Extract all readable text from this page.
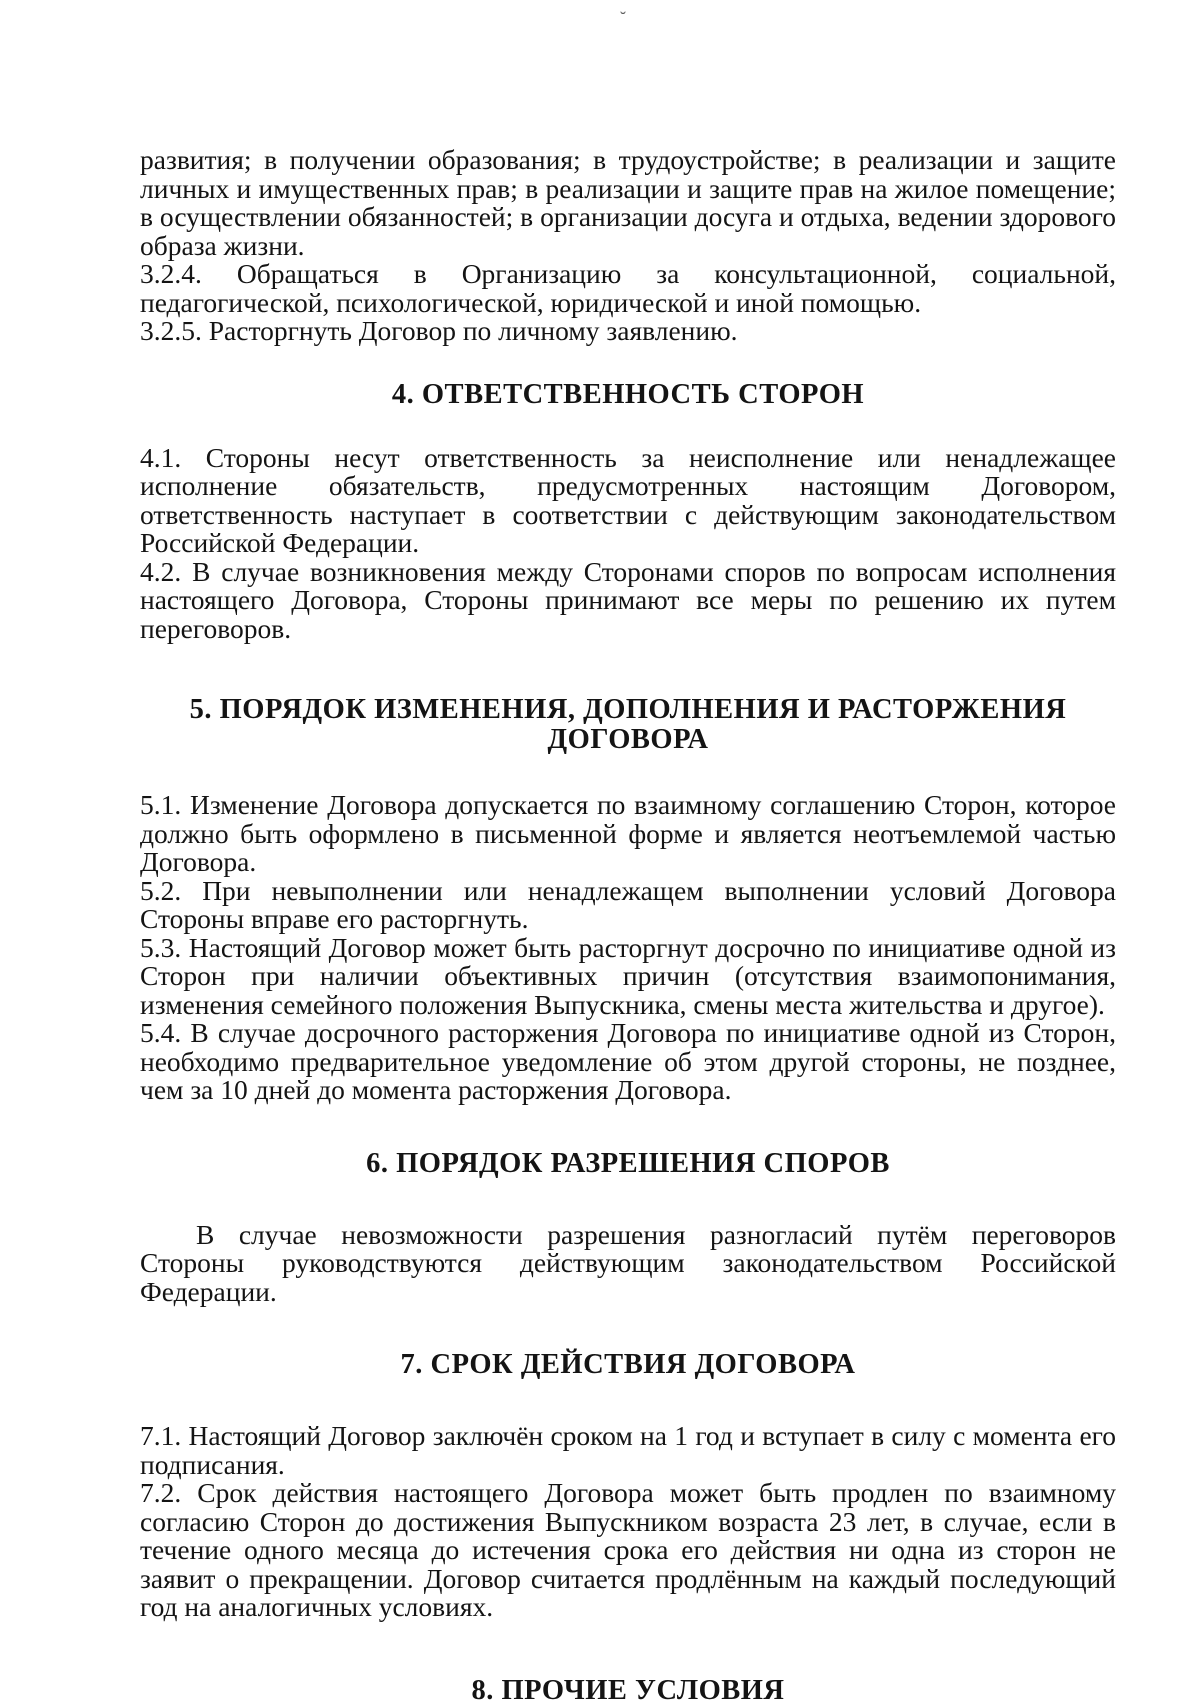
˘

развития; в получении образования; в трудоустройстве; в реализации и защите личных и имущественных прав; в реализации и защите прав на жилое помещение; в осуществлении обязанностей; в организации досуга и отдыха, ведении здорового образа жизни.

3.2.4. Обращаться в Организацию за консультационной, социальной, педагогической, психологической, юридической и иной помощью.

3.2.5. Расторгнуть Договор по личному заявлению.

4. ОТВЕТСТВЕННОСТЬ СТОРОН

4.1. Стороны несут ответственность за неисполнение или ненадлежащее исполнение обязательств, предусмотренных настоящим Договором, ответственность наступает в соответствии с действующим законодательством Российской Федерации.

4.2. В случае возникновения между Сторонами споров по вопросам исполнения настоящего Договора, Стороны принимают все меры по решению их путем переговоров.

5. ПОРЯДОК ИЗМЕНЕНИЯ, ДОПОЛНЕНИЯ И РАСТОРЖЕНИЯ ДОГОВОРА

5.1. Изменение Договора допускается по взаимному соглашению Сторон, которое должно быть оформлено в письменной форме и является неотъемлемой частью Договора.

5.2. При невыполнении или ненадлежащем выполнении условий Договора Стороны вправе его расторгнуть.

5.3. Настоящий Договор может быть расторгнут досрочно по инициативе одной из Сторон при наличии объективных причин (отсутствия взаимопонимания, изменения семейного положения Выпускника, смены места жительства и другое).

5.4. В случае досрочного расторжения Договора по инициативе одной из Сторон, необходимо предварительное уведомление об этом другой стороны, не позднее, чем за 10 дней до момента расторжения Договора.

6. ПОРЯДОК РАЗРЕШЕНИЯ СПОРОВ

В случае невозможности разрешения разногласий путём переговоров Стороны руководствуются действующим законодательством Российской Федерации.

7. СРОК ДЕЙСТВИЯ ДОГОВОРА

7.1. Настоящий Договор заключён сроком на 1 год и вступает в силу с момента его подписания.

7.2. Срок действия настоящего Договора может быть продлен по взаимному согласию Сторон до достижения Выпускником возраста 23 лет, в случае, если в течение одного месяца до истечения срока его действия ни одна из сторон не заявит о прекращении. Договор считается продлённым на каждый последующий год на аналогичных условиях.

8. ПРОЧИЕ УСЛОВИЯ
